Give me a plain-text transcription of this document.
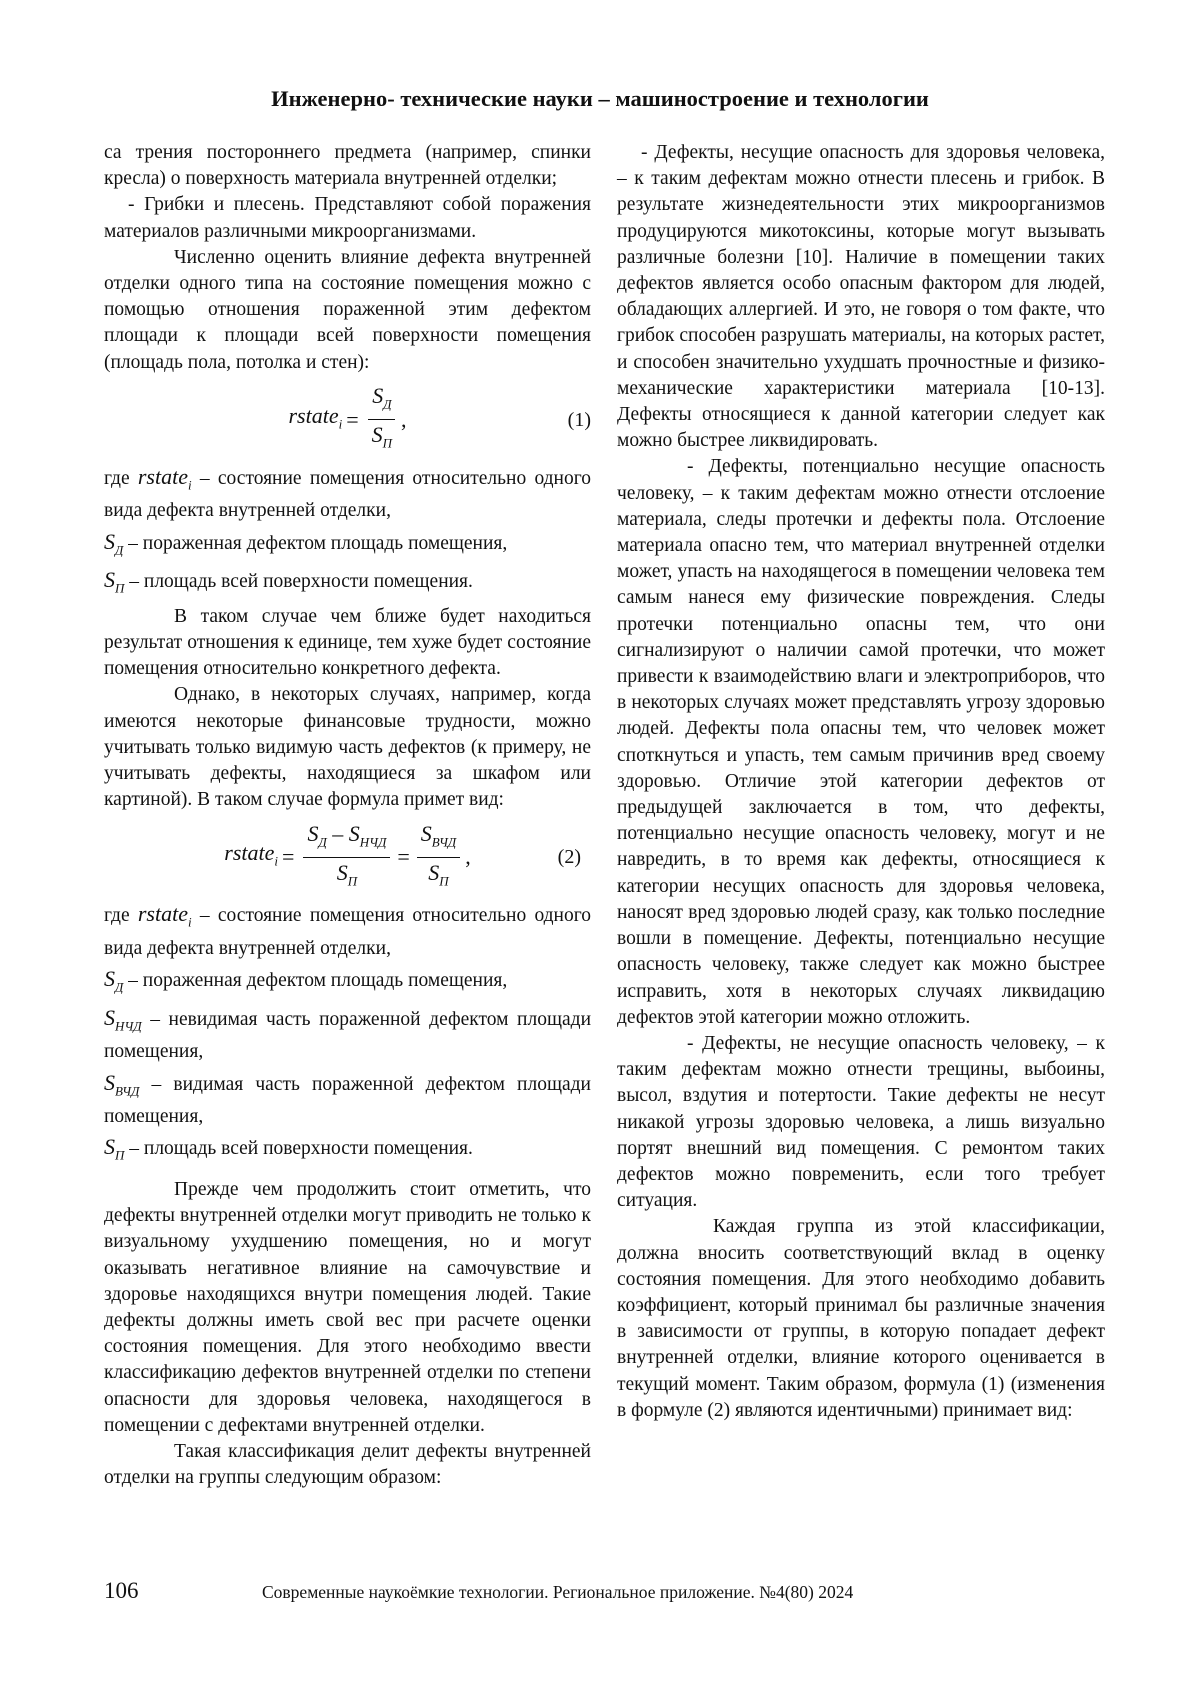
Инженерно- технические науки – машиностроение и технологии

са трения постороннего предмета (например, спинки кресла) о поверхность материала внутренней отделки;

- Грибки и плесень. Представляют собой поражения материалов различными микроорганизмами.

Численно оценить влияние дефекта внутренней отделки одного типа на состояние помещения можно с помощью отношения пораженной этим дефектом площади к площади всей поверхности помещения (площадь пола, потолка и стен):

rstate$_i$ = $\frac{S_Д}{S_П}$ ,	(1)

где rstate$_i$ – состояние помещения относительно одного вида дефекта внутренней отделки,

$S_Д$ – пораженная дефектом площадь помещения,

$S_П$ – площадь всей поверхности помещения.

В таком случае чем ближе будет находиться результат отношения к единице, тем хуже будет состояние помещения относительно конкретного дефекта.

Однако, в некоторых случаях, например, когда имеются некоторые финансовые трудности, можно учитывать только видимую часть дефектов (к примеру, не учитывать дефекты, находящиеся за шкафом или картиной). В таком случае формула примет вид:

rstate$_i$ = $\frac{S_Д - S_{НЧД}}{S_П} = \frac{S_{ВЧД}}{S_П}$ ,	(2)

где rstate$_i$ – состояние помещения относительно одного вида дефекта внутренней отделки,

$S_Д$ – пораженная дефектом площадь помещения,

$S_{НЧД}$ – невидимая часть пораженной дефектом площади помещения,

$S_{ВЧД}$ – видимая часть пораженной дефектом площади помещения,

$S_П$ – площадь всей поверхности помещения.

Прежде чем продолжить стоит отметить, что дефекты внутренней отделки могут приводить не только к визуальному ухудшению помещения, но и могут оказывать негативное влияние на самочувствие и здоровье находящихся внутри помещения людей. Такие дефекты должны иметь свой вес при расчете оценки состояния помещения. Для этого необходимо ввести классификацию дефектов внутренней отделки по степени опасности для здоровья человека, находящегося в помещении с дефектами внутренней отделки.

Такая классификация делит дефекты внутренней отделки на группы следующим образом:

- Дефекты, несущие опасность для здоровья человека, – к таким дефектам можно отнести плесень и грибок. В результате жизнедеятельности этих микроорганизмов продуцируются микотоксины, которые могут вызывать различные болезни [10]. Наличие в помещении таких дефектов является особо опасным фактором для людей, обладающих аллергией. И это, не говоря о том факте, что грибок способен разрушать материалы, на которых растет, и способен значительно ухудшать прочностные и физико-механические характеристики материала [10-13]. Дефекты относящиеся к данной категории следует как можно быстрее ликвидировать.

- Дефекты, потенциально несущие опасность человеку, – к таким дефектам можно отнести отслоение материала, следы протечки и дефекты пола. Отслоение материала опасно тем, что материал внутренней отделки может, упасть на находящегося в помещении человека тем самым нанеся ему физические повреждения. Следы протечки потенциально опасны тем, что они сигнализируют о наличии самой протечки, что может привести к взаимодействию влаги и электроприборов, что в некоторых случаях может представлять угрозу здоровью людей. Дефекты пола опасны тем, что человек может споткнуться и упасть, тем самым причинив вред своему здоровью. Отличие этой категории дефектов от предыдущей заключается в том, что дефекты, потенциально несущие опасность человеку, могут и не навредить, в то время как дефекты, относящиеся к категории несущих опасность для здоровья человека, наносят вред здоровью людей сразу, как только последние вошли в помещение. Дефекты, потенциально несущие опасность человеку, также следует как можно быстрее исправить, хотя в некоторых случаях ликвидацию дефектов этой категории можно отложить.

- Дефекты, не несущие опасность человеку, – к таким дефектам можно отнести трещины, выбоины, высол, вздутия и потертости. Такие дефекты не несут никакой угрозы здоровью человека, а лишь визуально портят внешний вид помещения. С ремонтом таких дефектов можно повременить, если того требует ситуация.

Каждая группа из этой классификации, должна вносить соответствующий вклад в оценку состояния помещения. Для этого необходимо добавить коэффициент, который принимал бы различные значения в зависимости от группы, в которую попадает дефект внутренней отделки, влияние которого оценивается в текущий момент. Таким образом, формула (1) (изменения в формуле (2) являются идентичными) принимает вид:

106	Современные наукоёмкие технологии. Региональное приложение. №4(80) 2024
